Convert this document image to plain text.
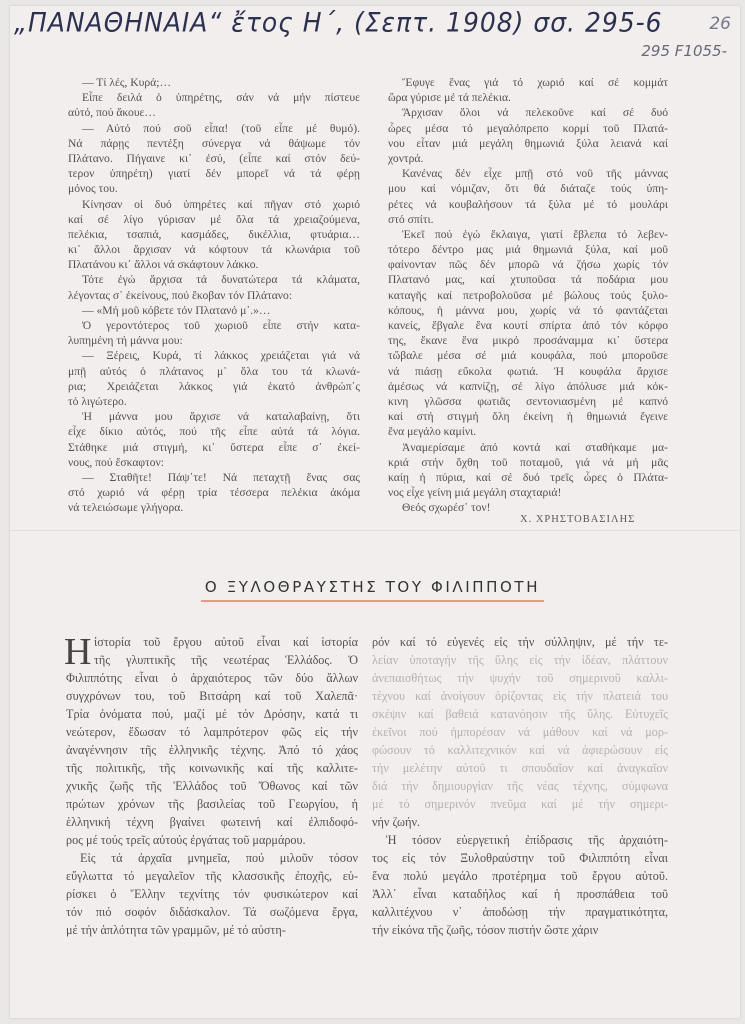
„ΠΑΝΑΘΗΝΑΙΑ“ ἔτος Η΄, (Σεπτ. 1908) σσ. 295-6	26
295 F1055-
— Τί λές, Κυρά;…
Εἶπε δειλά ὁ ὑπηρέτης, σάν νά μήν πίστευε
αὐτό, πού ἄκουε…
— Αὐτό πού σοῦ εἶπα! (τοῦ εἶπε μέ θυμό).
Νά πάρῃς πεντέξη σύνεργα νά θάψωμε τόν
Πλάτανο. Πήγαινε κι᾽ ἐσύ, (εἶπε καί στόν δεύ-
τερον ὑπηρέτη) γιατί δέν μπορεῖ νά τά φέρῃ
μόνος του.
Κίνησαν οἱ δυό ὑπηρέτες καί πῆγαν στό χωριό
καί σέ λίγο γύρισαν μέ ὅλα τά χρειαζούμενα,
πελέκια, τσαπιά, κασμάδες, δικέλλια, φτυάρια…
κι᾽ ἄλλοι ἄρχισαν νά κόφτουν τά κλωνάρια τοῦ
Πλατάνου κι᾽ ἄλλοι νά σκάφτουν λάκκο.
Τότε ἐγώ ἄρχισα τά δυνατώτερα τά κλάματα,
λέγοντας σ᾽ ἐκείνους, πού ἔκοβαν τόν Πλάτανο:
— «Μή μοῦ κόβετε τόν Πλατανό μ᾽.»…
Ὁ γεροντότερος τοῦ χωριοῦ εἶπε στήν κατα-
λυπημένη τή μάννα μου:
— Ξέρεις, Κυρά, τί λάκκος χρειάζεται γιά νά
μπῇ αὐτός ὁ πλάτανος μ᾽ ὅλα του τά κλωνά-
ρια; Χρειάζεται λάκκος γιά ἑκατό ἀνθρώπ᾽ς
τό λιγώτερο.
Ἡ μάννα μου ἄρχισε νά καταλαβαίνῃ, ὅτι
εἶχε δίκιο αὐτός, πού τῆς εἶπε αὐτά τά λόγια.
Στάθηκε μιά στιγμή, κι᾽ ὕστερα εἶπε σ᾽ ἐκεί-
νους, πού ἔσκαφτον:
— Σταθῆτε! Πάψ᾽τε! Νά πεταχτῇ ἕνας σας
στό χωριό νά φέρῃ τρία τέσσερα πελέκια ἀκόμα
νά τελειώσωμε γλήγορα.
Ἔφυγε ἕνας γιά τό χωριό καί σέ κομμάτ
ὥρα γύρισε μέ τά πελέκια.
Ἄρχισαν ὅλοι νά πελεκοῦνε καί σέ δυό
ὧρες μέσα τό μεγαλόπρεπο κορμί τοῦ Πλατά-
νου εἶταν μιά μεγάλη θημωνιά ξύλα λειανά καί
χοντρά.
Κανένας δέν εἶχε μπῇ στό νοῦ τῆς μάννας
μου καί νόμιζαν, ὅτι θά διάταζε τούς ὑπη-
ρέτες νά κουβαλήσουν τά ξύλα μέ τό μουλάρι
στό σπίτι.
Ἐκεῖ πού ἐγώ ἔκλαιγα, γιατί ἔβλεπα τό λεβεν-
τότερο δέντρο μας μιά θημωνιά ξύλα, καί μοῦ
φαίνονταν πῶς δέν μπορῶ νά ζήσω χωρίς τόν
Πλατανό μας, καί χτυποῦσα τά ποδάρια μου
καταγῆς καί πετροβολοῦσα μέ βώλους τούς ξυλο-
κόπους, ἡ μάννα μου, χωρίς νά τό φαντάζεται
κανείς, ἔβγαλε ἕνα κουτί σπίρτα ἀπό τόν κόρφο
της, ἔκανε ἕνα μικρό προσάναμμα κι᾽ ὕστερα
τὤβαλε μέσα σέ μιά κουφάλα, πού μποροῦσε
νά πιάσῃ εὔκολα φωτιά. Ἡ κουφάλα ἄρχισε
ἀμέσως νά καπνίζῃ, σέ λίγο ἀπόλυσε μιά κόκ-
κινη γλῶσσα φωτιᾶς σεντονιασμένη μέ καπνό
καί στή στιγμή ὅλη ἐκείνη ἡ θημωνιά ἔγεινε
ἕνα μεγάλο καμίνι.
Ἀναμερίσαμε ἀπό κοντά καί σταθήκαμε μα-
κριά στήν ὄχθη τοῦ ποταμοῦ, γιά νά μή μᾶς
καίῃ ἡ πύρια, καί σέ δυό τρεῖς ὧρες ὁ Πλάτα-
νος εἶχε γείνη μιά μεγάλη σταχταριά!
Θεός σχωρέσ᾽ τον!
Χ. ΧΡΗΣΤΟΒΑΣΙΛΗΣ
Ο ΞΥΛΟΘΡΑΥΣΤΗΣ ΤΟΥ ΦΙΛΙΠΠΟΤΗ
Η ἱστορία τοῦ ἔργου αὐτοῦ εἶναι καί ἱστορία
τῆς γλυπτικῆς τῆς νεωτέρας Ἑλλάδος. Ὁ
Φιλιππότης εἶναι ὁ ἀρχαιότερος τῶν δύο ἄλλων
συγχρόνων του, τοῦ Βιτσάρη καί τοῦ Χαλεπᾶ·
Τρία ὀνόματα πού, μαζί μέ τόν Δρόσην, κατά τι
νεώτερον, ἔδωσαν τό λαμπρότερον φῶς εἰς τήν
ἀναγέννησιν τῆς ἑλληνικῆς τέχνης. Ἀπό τό χάος
τῆς πολιτικῆς, τῆς κοινωνικῆς καί τῆς καλλιτε-
χνικῆς ζωῆς τῆς Ἑλλάδος τοῦ Ὄθωνος καί τῶν
πρώτων χρόνων τῆς βασιλείας τοῦ Γεωργίου, ἡ
ἑλληνική τέχνη βγαίνει φωτεινή καί ἐλπιδοφό-
ρος μέ τούς τρεῖς αὐτούς ἐργάτας τοῦ μαρμάρου.
Εἰς τά ἀρχαῖα μνημεῖα, πού μιλοῦν τόσον
εὔγλωττα τό μεγαλεῖον τῆς κλασσικῆς ἐποχῆς, εὑ-
ρίσκει ὁ Ἕλλην τεχνίτης τόν φυσικώτερον καί
τόν πιό σοφόν διδάσκαλον. Τά σωζόμενα ἔργα,
μέ τήν ἁπλότητα τῶν γραμμῶν, μέ τό αὐστη-
ρόν καί τό εὐγενές εἰς τήν σύλληψιν, μέ τήν τε-
λείαν ὑποταγήν τῆς ὕλης εἰς τήν ἰδέαν, πλάττουν
ἀνεπαισθήτως τήν ψυχήν τοῦ σημερινοῦ καλλι-
τέχνου καί ἀνοίγουν ὁρίζοντας εἰς τήν πλατειά του
σκέψιν καί βαθειά κατανόησιν τῆς ὕλης. Εὐτυχεῖς
ἐκεῖνοι πού ἠμπορέσαν νά μάθουν καί νά μορ-
φώσουν τό καλλιτεχνικόν καί νά ἀφιερώσουν εἰς
τήν μελέτην αὐτοῦ τι σπουδαῖον καί ἀναγκαῖον
διά τήν δημιουργίαν τῆς νέας τέχνης, σύμφωνα
μέ τό σημερινόν πνεῦμα καί μέ τήν σημερι-
νήν ζωήν.
Ἡ τόσον εὐεργετική ἐπίδρασις τῆς ἀρχαιότη-
τος εἰς τόν Ξυλοθραύστην τοῦ Φιλιππότη εἶναι
ἕνα πολύ μεγάλο προτέρημα τοῦ ἔργου αὐτοῦ.
Ἀλλ᾽ εἶναι καταδήλος καί ἡ προσπάθεια τοῦ
καλλιτέχνου ν᾽ ἀποδώσῃ τήν πραγματικότητα,
τήν εἰκόνα τῆς ζωῆς, τόσον πιστήν ὥστε χάριν
